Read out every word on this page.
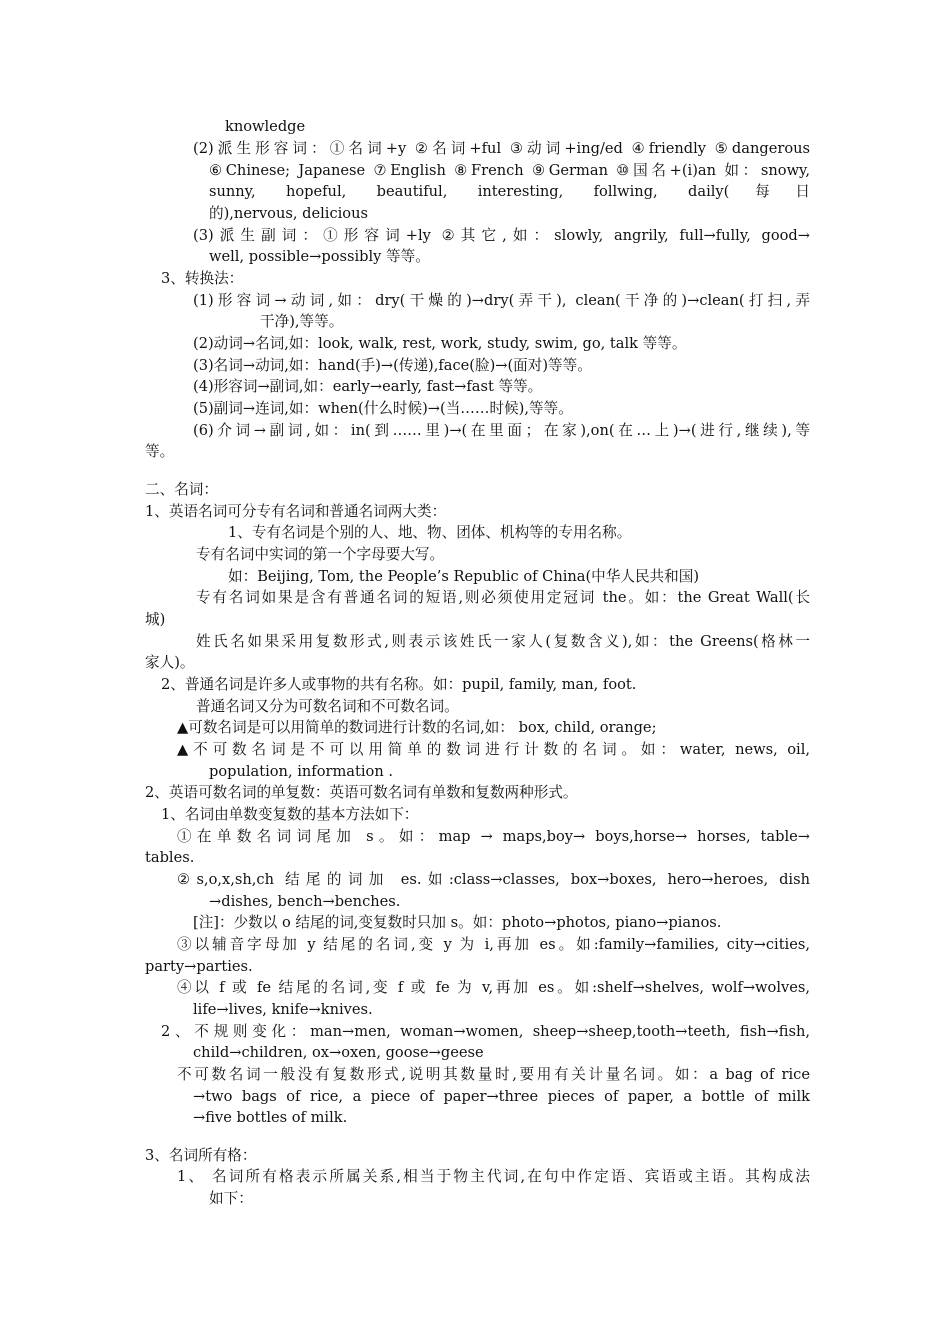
knowledge

(2)派生形容词：①名词+y ②名词+ful ③动词+ing/ed ④friendly ⑤dangerous

⑥Chinese; Japanese ⑦English ⑧French ⑨German ⑩国名+(i)an 如：snowy,

sunny, hopeful, beautiful, interesting, follwing, daily(每日

的),nervous, delicious

(3)派生副词：①形容词+ly ②其它,如：slowly, angrily, full→fully, good→

well, possible→possibly 等等。

3、转换法：

(1)形容词→动词,如：dry(干燥的)→dry(弄干), clean(干净的)→clean(打扫,弄

干净),等等。

(2)动词→名词,如：look, walk, rest, work, study, swim, go, talk 等等。

(3)名词→动词,如：hand(手)→(传递),face(脸)→(面对)等等。

(4)形容词→副词,如：early→early, fast→fast 等等。

(5)副词→连词,如：when(什么时候)→(当……时候),等等。

(6)介词→副词,如：in(到……里)→(在里面；在家),on(在…上)→(进行,继续),等

等。

二、名词：

1、英语名词可分专有名词和普通名词两大类：

1、专有名词是个别的人、地、物、团体、机构等的专用名称。

专有名词中实词的第一个字母要大写。

如：Beijing, Tom, the People’s Republic of China(中华人民共和国)

专有名词如果是含有普通名词的短语,则必须使用定冠词 the。如：the Great Wall(长

城)

姓氏名如果采用复数形式,则表示该姓氏一家人(复数含义),如：the Greens(格林一

家人)。

2、普通名词是许多人或事物的共有名称。如：pupil, family, man, foot.

普通名词又分为可数名词和不可数名词。

▲可数名词是可以用简单的数词进行计数的名词,如： box, child, orange;

▲不可数名词是不可以用简单的数词进行计数的名词。如：water, news, oil,

population, information .

2、英语可数名词的单复数：英语可数名词有单数和复数两种形式。

1、名词由单数变复数的基本方法如下：

①在单数名词词尾加 s。如：map → maps,boy→ boys,horse→ horses, table→

tables.

②s,o,x,sh,ch 结尾的词加 es.如:class→classes, box→boxes, hero→heroes, dish

→dishes, bench→benches.

[注]：少数以 o 结尾的词,变复数时只加 s。如：photo→photos, piano→pianos.

③以辅音字母加 y 结尾的名词,变 y 为 i,再加 es。如:family→families, city→cities,

party→parties.

④以 f 或 fe 结尾的名词,变 f 或 fe 为 v,再加 es。如:shelf→shelves, wolf→wolves,

life→lives, knife→knives.

2、不规则变化：man→men, woman→women, sheep→sheep,tooth→teeth, fish→fish,

child→children, ox→oxen, goose→geese

不可数名词一般没有复数形式,说明其数量时,要用有关计量名词。如：a bag of rice

→two bags of rice, a piece of paper→three pieces of paper, a bottle of milk

→five bottles of milk.

3、名词所有格：

1、 名词所有格表示所属关系,相当于物主代词,在句中作定语、宾语或主语。其构成法

如下：
